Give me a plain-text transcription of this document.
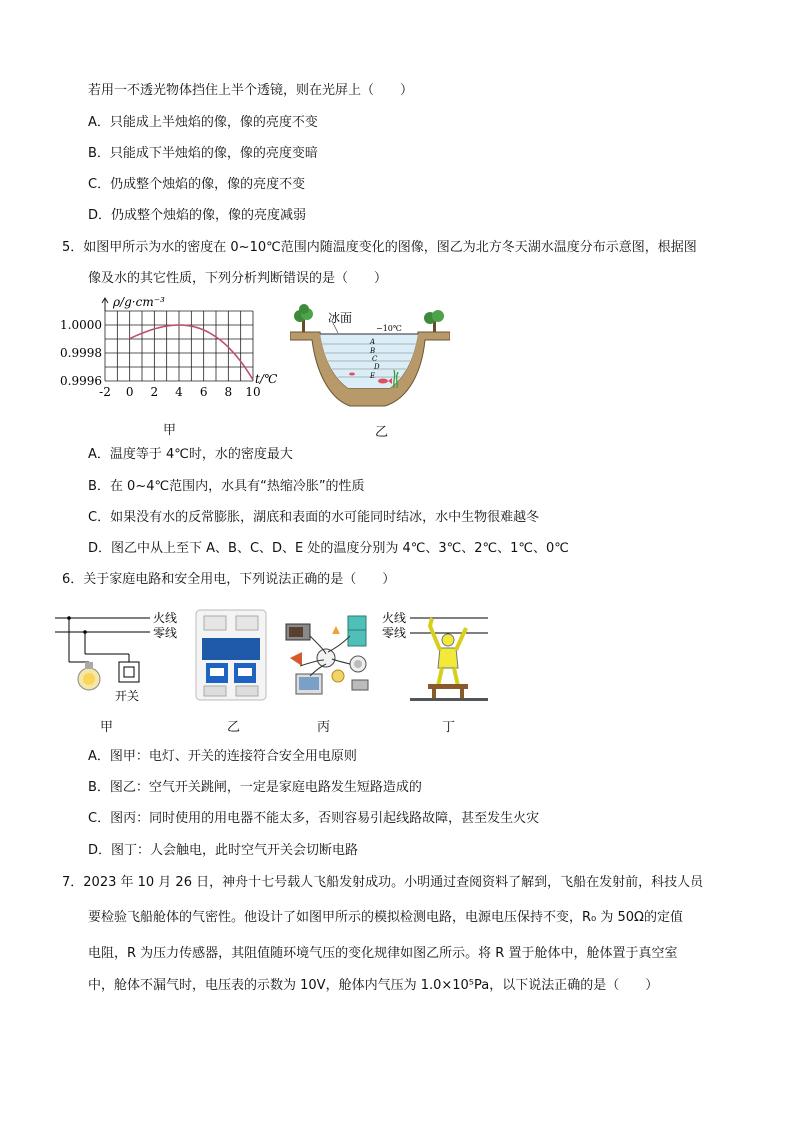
若用一不透光物体挡住上半个透镜，则在光屏上（　　）
A．只能成上半烛焰的像，像的亮度不变
B．只能成下半烛焰的像，像的亮度变暗
C．仍成整个烛焰的像，像的亮度不变
D．仍成整个烛焰的像，像的亮度减弱
5．如图甲所示为水的密度在 0~10℃范围内随温度变化的图像，图乙为北方冬天湖水温度分布示意图，根据图
像及水的其它性质，下列分析判断错误的是（　　）
ρ/g·cm⁻³
t/℃
1.0000
0.9998
0.9996
-2 0 2 4 6 8 10
甲
冰面
−10℃
A
B
C
D
E
乙
A．温度等于 4℃时，水的密度最大
B．在 0~4℃范围内，水具有“热缩冷胀”的性质
C．如果没有水的反常膨胀，湖底和表面的水可能同时结冰，水中生物很难越冬
D．图乙中从上至下 A、B、C、D、E 处的温度分别为 4℃、3℃、2℃、1℃、0℃
6．关于家庭电路和安全用电，下列说法正确的是（　　）
火线
零线
开关
甲	乙	丙
火线
零线
丁
A．图甲：电灯、开关的连接符合安全用电原则
B．图乙：空气开关跳闸，一定是家庭电路发生短路造成的
C．图丙：同时使用的用电器不能太多，否则容易引起线路故障，甚至发生火灾
D．图丁：人会触电，此时空气开关会切断电路
7．2023 年 10 月 26 日，神舟十七号载人飞船发射成功。小明通过查阅资料了解到，飞船在发射前，科技人员
要检验飞船舱体的气密性。他设计了如图甲所示的模拟检测电路，电源电压保持不变，R₀ 为 50Ω的定值
电阻，R 为压力传感器，其阻值随环境气压的变化规律如图乙所示。将 R 置于舱体中，舱体置于真空室
中，舱体不漏气时，电压表的示数为 10V，舱体内气压为 1.0×10⁵Pa，以下说法正确的是（　　）
